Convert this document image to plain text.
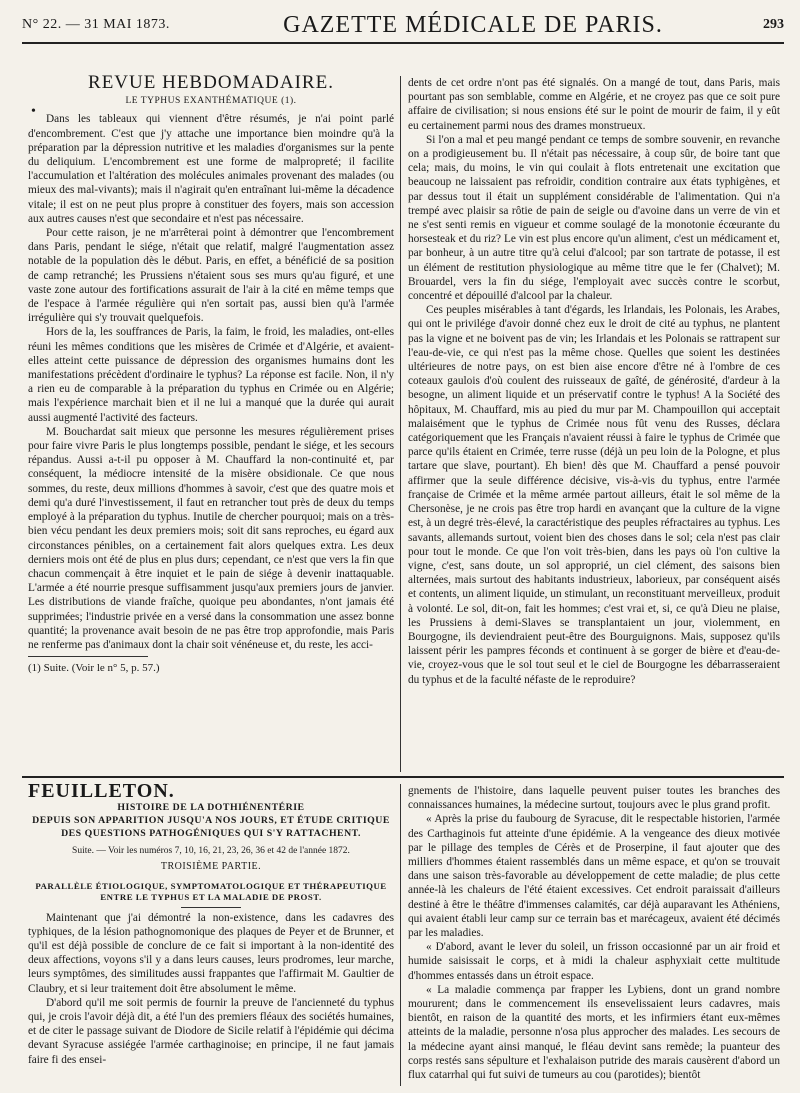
N° 22. — 31 MAI 1873.	GAZETTE MÉDICALE DE PARIS.	293
•
REVUE HEBDOMADAIRE.
LE TYPHUS EXANTHÉMATIQUE (1).

Dans les tableaux qui viennent d'être résumés, je n'ai point parlé d'encombrement. C'est que j'y attache une importance bien moindre qu'à la préparation par la dépression nutritive et les maladies d'organismes sur la pente du deliquium. L'encombrement est une forme de malpropreté; il facilite l'accumulation et l'altération des molécules animales provenant des malades (ou mieux des mal-vivants); mais il n'agirait qu'en entraînant lui-même la décadence vitale; il est on ne peut plus propre à constituer des foyers, mais son accession aux autres causes n'est que secondaire et n'est pas nécessaire.

Pour cette raison, je ne m'arrêterai point à démontrer que l'encombrement dans Paris, pendant le siége, n'était que relatif, malgré l'augmentation assez notable de la population dès le début. Paris, en effet, a bénéficié de sa position de camp retranché; les Prussiens n'étaient sous ses murs qu'au figuré, et une vaste zone autour des fortifications assurait de l'air à la cité en même temps que de l'espace à l'armée régulière qui n'en sortait pas, aussi bien qu'à l'armée irrégulière qui s'y trouvait quelquefois.

Hors de la, les souffrances de Paris, la faim, le froid, les maladies, ont-elles réuni les mêmes conditions que les misères de Crimée et d'Algérie, et avaient-elles atteint cette puissance de dépression des organismes humains dont les manifestations précèdent d'ordinaire le typhus? La réponse est facile. Non, il n'y a rien eu de comparable à la préparation du typhus en Crimée ou en Algérie; mais l'expérience marchait bien et il ne lui a manqué que la durée qui aurait aussi augmenté l'activité des facteurs.

M. Bouchardat sait mieux que personne les mesures régulièrement prises pour faire vivre Paris le plus longtemps possible, pendant le siége, et les secours répandus. Aussi a-t-il pu opposer à M. Chauffard la non-continuité et, par conséquent, la médiocre intensité de la misère obsidionale. Ce que nous sommes, du reste, deux millions d'hommes à savoir, c'est que des quatre mois et demi qu'a duré l'investissement, il faut en retrancher tout près de deux du temps employé à la préparation du typhus. Inutile de chercher pourquoi; mais on a très-bien vécu pendant les deux premiers mois; soit dit sans reproches, eu égard aux circonstances pénibles, on a certainement fait alors quelques extra. Les deux derniers mois ont été de plus en plus durs; cependant, ce n'est que vers la fin que chacun commençait à être inquiet et le pain de siége à devenir inattaquable. L'armée a été nourrie presque suffisamment jusqu'aux premiers jours de janvier. Les distributions de viande fraîche, quoique peu abondantes, n'ont jamais été supprimées; l'industrie privée en a versé dans la consommation une assez bonne quantité; la provenance avait besoin de ne pas être trop approfondie, mais Paris ne renferme pas d'animaux dont la chair soit vénéneuse et, du reste, les acci-

(1) Suite. (Voir le n° 5, p. 57.)

dents de cet ordre n'ont pas été signalés. On a mangé de tout, dans Paris, mais pourtant pas son semblable, comme en Algérie, et ne croyez pas que ce soit pure affaire de civilisation; si nous ensions été sur le point de mourir de faim, il y eût eu certainement parmi nous des drames monstrueux.

Si l'on a mal et peu mangé pendant ce temps de sombre souvenir, en revanche on a prodigieusement bu. Il n'était pas nécessaire, à coup sûr, de boire tant que cela; mais, du moins, le vin qui coulait à flots entretenait une excitation que beaucoup ne laissaient pas refroidir, condition contraire aux états typhigènes, et par dessus tout il était un supplément considérable de l'alimentation. Qui n'a trempé avec plaisir sa rôtie de pain de seigle ou d'avoine dans un verre de vin et ne s'est senti remis en vigueur et comme soulagé de la monotonie écœurante du horsesteak et du riz? Le vin est plus encore qu'un aliment, c'est un médicament et, par bonheur, à un autre titre qu'à celui d'alcool; par son tartrate de potasse, il est un élément de restitution physiologique au même titre que le fer (Chalvet); M. Brouardel, vers la fin du siége, l'employait avec succès contre le scorbut, concentré et dépouillé d'alcool par la chaleur.

Ces peuples misérables à tant d'égards, les Irlandais, les Polonais, les Arabes, qui ont le privilége d'avoir donné chez eux le droit de cité au typhus, ne plantent pas la vigne et ne boivent pas de vin; les Irlandais et les Polonais se rattrapent sur l'eau-de-vie, ce qui n'est pas la même chose. Quelles que soient les destinées ultérieures de notre pays, on est bien aise encore d'être né à l'ombre de ces coteaux gaulois d'où coulent des ruisseaux de gaîté, de générosité, d'ardeur à la besogne, un aliment liquide et un préservatif contre le typhus! A la Société des hôpitaux, M. Chauffard, mis au pied du mur par M. Champouillon qui acceptait malaisément que le typhus de Crimée nous fût venu des Russes, déclara catégoriquement que les Français n'avaient réussi à faire le typhus de Crimée que parce qu'ils étaient en Crimée, terre russe (déjà un peu loin de la Pologne, et plus tartare que slave, pourtant). Eh bien! dès que M. Chauffard a pensé pouvoir affirmer que la seule différence décisive, vis-à-vis du typhus, entre l'armée française de Crimée et la même armée partout ailleurs, était le sol même de la Chersonèse, je ne crois pas être trop hardi en avançant que la culture de la vigne est, à un degré très-élevé, la caractéristique des peuples réfractaires au typhus. Les savants, allemands surtout, voient bien des choses dans le sol; cela n'est pas clair pour tout le monde. Ce que l'on voit très-bien, dans les pays où l'on cultive la vigne, c'est, sans doute, un sol approprié, un ciel clément, des saisons bien alternées, mais surtout des habitants industrieux, laborieux, par conséquent aisés et contents, un aliment liquide, un stimulant, un reconstituant merveilleux, produit à volonté. Le sol, dit-on, fait les hommes; c'est vrai et, si, ce qu'à Dieu ne plaise, les Prussiens à demi-Slaves se transplantaient un jour, violemment, en Bourgogne, ils deviendraient peut-être des Bourguignons. Mais, supposez qu'ils laissent périr les pampres féconds et continuent à se gorger de bière et d'eau-de-vie, croyez-vous que le sol tout seul et le ciel de Bourgogne les débarrasseraient du typhus et de la faculté néfaste de le reproduire?

FEUILLETON.
HISTOIRE DE LA DOTHIÉNENTÉRIE
DEPUIS SON APPARITION JUSQU'A NOS JOURS, ET ÉTUDE CRITIQUE
DES QUESTIONS PATHOGÉNIQUES QUI S'Y RATTACHENT.
Suite. — Voir les numéros 7, 10, 16, 21, 23, 26, 36 et 42 de l'année 1872.
TROISIÈME PARTIE.
PARALLÈLE ÉTIOLOGIQUE, SYMPTOMATOLOGIQUE ET THÉRAPEUTIQUE ENTRE LE TYPHUS ET LA MALADIE DE PROST.

Maintenant que j'ai démontré la non-existence, dans les cadavres des typhiques, de la lésion pathognomonique des plaques de Peyer et de Brunner, et qu'il est déjà possible de conclure de ce fait si important à la non-identité des deux affections, voyons s'il y a dans leurs causes, leurs prodromes, leur marche, leurs symptômes, des similitudes aussi frappantes que l'affirmait M. Gaultier de Claubry, et si leur traitement doit être absolument le même.

D'abord qu'il me soit permis de fournir la preuve de l'ancienneté du typhus qui, je crois l'avoir déjà dit, a été l'un des premiers fléaux des sociétés humaines, et de citer le passage suivant de Diodore de Sicile relatif à l'épidémie qui décima devant Syracuse assiégée l'armée carthaginoise; en principe, il ne faut jamais faire fi des ensei-

gnements de l'histoire, dans laquelle peuvent puiser toutes les branches des connaissances humaines, la médecine surtout, toujours avec le plus grand profit.

« Après la prise du faubourg de Syracuse, dit le respectable historien, l'armée des Carthaginois fut atteinte d'une épidémie. A la vengeance des dieux motivée par le pillage des temples de Cérès et de Proserpine, il faut ajouter que des milliers d'hommes étaient rassemblés dans un même espace, et qu'on se trouvait dans une saison très-favorable au développement de cette maladie; de plus cette année-là les chaleurs de l'été étaient excessives. Cet endroit paraissait d'ailleurs destiné à être le théâtre d'immenses calamités, car déjà auparavant les Athéniens, qui avaient établi leur camp sur ce terrain bas et marécageux, avaient été décimés par les maladies.

« D'abord, avant le lever du soleil, un frisson occasionné par un air froid et humide saisissait le corps, et à midi la chaleur asphyxiait cette multitude d'hommes entassés dans un étroit espace.

« La maladie commença par frapper les Lybiens, dont un grand nombre moururent; dans le commencement ils ensevelissaient leurs cadavres, mais bientôt, en raison de la quantité des morts, et les infirmiers étant eux-mêmes atteints de la maladie, personne n'osa plus approcher des malades. Les secours de la médecine ayant ainsi manqué, le fléau devint sans remède; la puanteur des corps restés sans sépulture et l'exhalaison putride des marais causèrent d'abord un flux catarrhal qui fut suivi de tumeurs au cou (parotides); bientôt
